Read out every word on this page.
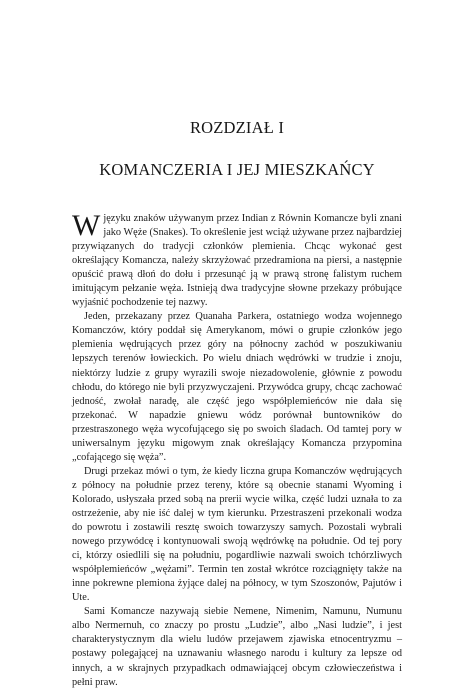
ROZDZIAŁ I
KOMANCZERIA I JEJ MIESZKAŃCY

W języku znaków używanym przez Indian z Równin Komancze byli znani jako Węże (Snakes). To określenie jest wciąż używane przez najbardziej przywiązanych do tradycji członków plemienia. Chcąc wykonać gest określający Komancza, należy skrzyżować przedramiona na piersi, a następnie opuścić prawą dłoń do dołu i przesunąć ją w prawą stronę falistym ruchem imitującym pełzanie węża. Istnieją dwa tradycyjne słowne przekazy próbujące wyjaśnić pochodzenie tej nazwy.

Jeden, przekazany przez Quanaha Parkera, ostatniego wodza wojennego Komanczów, który poddał się Amerykanom, mówi o grupie członków jego plemienia wędrujących przez góry na północny zachód w poszukiwaniu lepszych terenów łowieckich. Po wielu dniach wędrówki w trudzie i znoju, niektórzy ludzie z grupy wyrazili swoje niezadowolenie, głównie z powodu chłodu, do którego nie byli przyzwyczajeni. Przywódca grupy, chcąc zachować jedność, zwołał naradę, ale część jego współplemieńców nie dała się przekonać. W napadzie gniewu wódz porównał buntowników do przestraszonego węża wycofującego się po swoich śladach. Od tamtej pory w uniwersalnym języku migowym znak określający Komancza przypomina „cofającego się węża”.

Drugi przekaz mówi o tym, że kiedy liczna grupa Komanczów wędrujących z północy na południe przez tereny, które są obecnie stanami Wyoming i Kolorado, usłyszała przed sobą na prerii wycie wilka, część ludzi uznała to za ostrzeżenie, aby nie iść dalej w tym kierunku. Przestraszeni przekonali wodza do powrotu i zostawili resztę swoich towarzyszy samych. Pozostali wybrali nowego przywódcę i kontynuowali swoją wędrówkę na południe. Od tej pory ci, którzy osiedlili się na południu, pogardliwie nazwali swoich tchórzliwych współplemieńców „wężami”. Termin ten został wkrótce rozciągnięty także na inne pokrewne plemiona żyjące dalej na północy, w tym Szoszonów, Pajutów i Ute.

Sami Komancze nazywają siebie Nemene, Nimenim, Namunu, Numunu albo Nermernuh, co znaczy po prostu „Ludzie”, albo „Nasi ludzie”, i jest charakterystycznym dla wielu ludów przejawem zjawiska etnocentryzmu – postawy polegającej na uznawaniu własnego narodu i kultury za lepsze od innych, a w skrajnych przypadkach odmawiającej obcym człowieczeństwa i pełni praw.
